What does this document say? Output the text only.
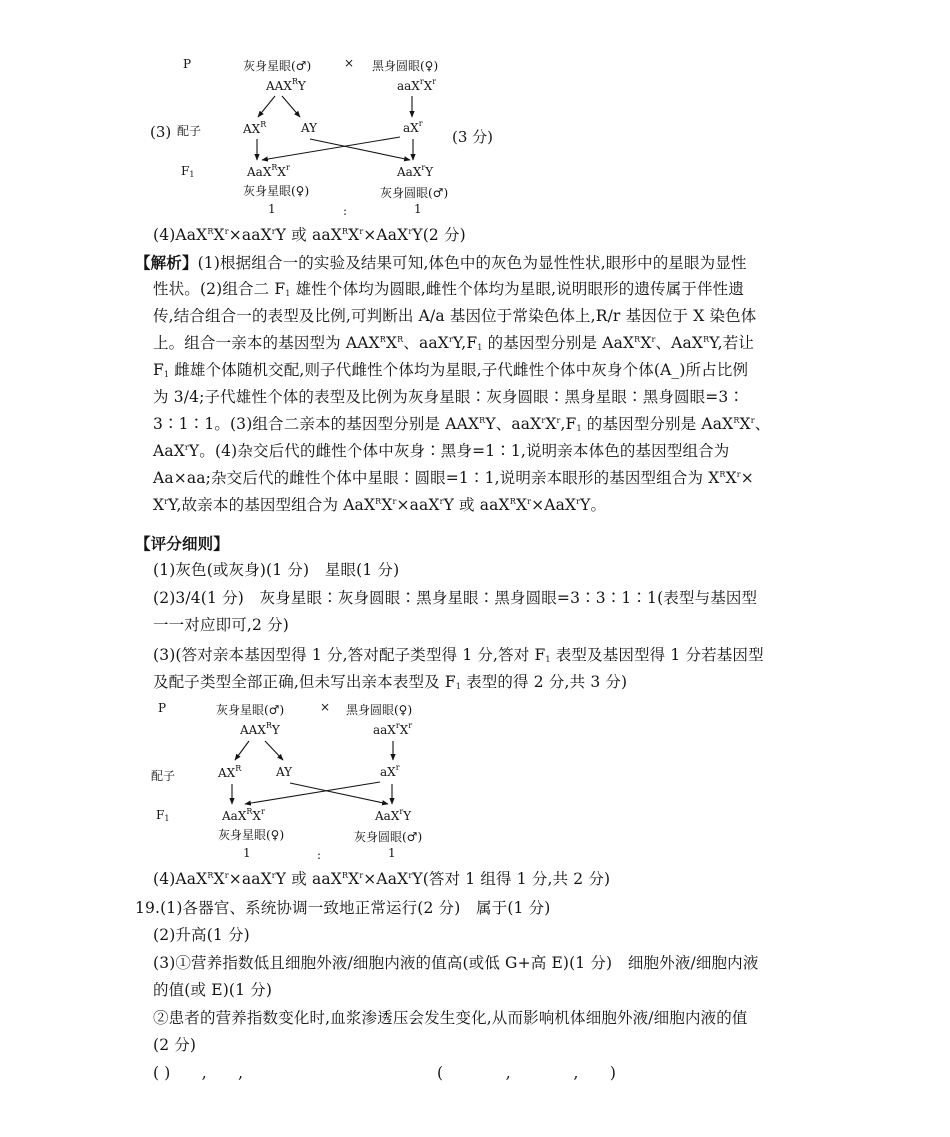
P	灰身星眼(♂)	× 黑身圆眼(♀)
$AAX^RY$	$aaX^rX^r$
(3) 配子	$AX^R$	AY	$aX^r$
(3 分)
$F_1$	$AaX^RX^r$	AaX$^r$Y
灰身星眼(♀)	灰身圆眼(♂)
1	:	1
$(4)AaX^RX^r\times aaX^rY$ 或 $aaX^RX^r\times AaX^rY(2$ 分)
【解析】(1)根据组合一的实验及结果可知,体色中的灰色为显性性状,眼形中的星眼为显性
性状。(2)组合二 $F_1$ 雄性个体均为圆眼,雌性个体均为星眼,说明眼形的遗传属于伴性遗
传,结合组合一的表型及比例,可判断出 A/a 基因位于常染色体上,R/r 基因位于 X 染色体
上。组合一亲本的基因型为 $AAX^RX^R$、$aaX^rY,F_1$ 的基因型分别是 $AaX^RX^r$、AaX$^R$Y,若让
$F_1$ 雌雄个体随机交配,则子代雌性个体均为星眼,子代雌性个体中灰身个体(A_)所占比例
为 3/4;子代雄性个体的表型及比例为灰身星眼∶灰身圆眼∶黑身星眼∶黑身圆眼=3∶
3∶1∶1。(3)组合二亲本的基因型分别是 $AAX^RY$、$aaX^rX^r,F_1$ 的基因型分别是 $AaX^RX^r$、
AaX$^r$Y。(4)杂交后代的雌性个体中灰身∶黑身=1∶1,说明亲本体色的基因型组合为
Aa×aa;杂交后代的雌性个体中星眼∶圆眼=1∶1,说明亲本眼形的基因型组合为 $X^RX^r\times$
$X^rY$,故亲本的基因型组合为 $AaX^RX^r\times aaX^rY$ 或 $aaX^RX^r\times AaX^rY$。
【评分细则】
(1)灰色(或灰身)(1 分)　星眼(1 分)
(2)3/4(1 分)　灰身星眼∶灰身圆眼∶黑身星眼∶黑身圆眼=3∶3∶1∶1(表型与基因型
一一对应即可,2 分)
(3)(答对亲本基因型得 1 分,答对配子类型得 1 分,答对 $F_1$ 表型及基因型得 1 分若基因型
及配子类型全部正确,但未写出亲本表型及 $F_1$ 表型的得 2 分,共 3 分)
P	灰身星眼(♂)	× 黑身圆眼(♀)
$AAX^RY$	$aaX^rX^r$
配子	$AX^R$	AY	$aX^r$
$F_1$	$AaX^RX^r$	AaX$^r$Y
灰身星眼(♀)	灰身圆眼(♂)
1	:	1
$(4)AaX^RX^r\times aaX^rY$ 或 $aaX^RX^r\times AaX^rY$(答对 1 组得 1 分,共 2 分)
19.(1)各器官、系统协调一致地正常运行(2 分)　属于(1 分)
(2)升高(1 分)
(3)①营养指数低且细胞外液/细胞内液的值高(或低 G+高 E)(1 分)　细胞外液/细胞内液
的值(或 E)(1 分)
②患者的营养指数变化时,血浆渗透压会发生变化,从而影响机体细胞外液/细胞内液的值
(2 分)
( )　　,　　,	(　　　　,　　　　,　　)
